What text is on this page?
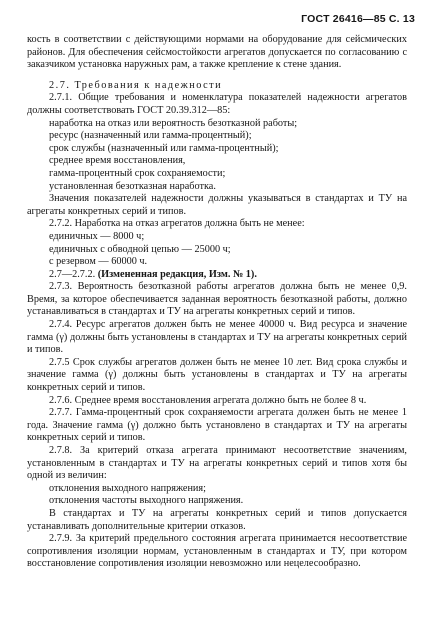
ГОСТ 26416—85 С. 13

кость в соответствии с действующими нормами на оборудование для сейсмических районов. Для обеспечения сейсмостойкости агрегатов допускается по согласованию с заказчиком установка наружных рам, а также крепление к стене здания.

2.7. Требования к надежности

2.7.1. Общие требования и номенклатура показателей надежности агрегатов должны соответствовать ГОСТ 20.39.312—85:

наработка на отказ или вероятность безотказной работы;

ресурс (назначенный или гамма-процентный);

срок службы (назначенный или гамма-процентный);

среднее время восстановления,

гамма-процентный срок сохраняемости;

установленная безотказная наработка.

Значения показателей надежности должны указываться в стандартах и ТУ на агрегаты конкретных серий и типов.

2.7.2. Наработка на отказ агрегатов должна быть не менее:

единичных — 8000 ч;

единичных с обводной цепью — 25000 ч;

с резервом — 60000 ч.

2.7—2.7.2. (Измененная редакция, Изм. № 1).

2.7.3. Вероятность безотказной работы агрегатов должна быть не менее 0,9. Время, за которое обеспечивается заданная вероятность безотказной работы, должно устанавливаться в стандартах и ТУ на агрегаты конкретных серий и типов.

2.7.4. Ресурс агрегатов должен быть не менее 40000 ч. Вид ресурса и значение гамма (γ) должны быть установлены в стандартах и ТУ на агрегаты конкретных серий и типов.

2.7.5 Срок службы агрегатов должен быть не менее 10 лет. Вид срока службы и значение гамма (γ) должны быть установлены в стандартах и ТУ на агрегаты конкретных серий и типов.

2.7.6. Среднее время восстановления агрегата должно быть не более 8 ч.

2.7.7. Гамма-процентный срок сохраняемости агрегата должен быть не менее 1 года. Значение гамма (γ) должно быть установлено в стандартах и ТУ на агрегаты конкретных серий и типов.

2.7.8. За критерий отказа агрегата принимают несоответствие значениям, установленным в стандартах и ТУ на агрегаты конкретных серий и типов хотя бы одной из величин:

отклонения выходного напряжения;

отклонения частоты выходного напряжения.

В стандартах и ТУ на агрегаты конкретных серий и типов допускается устанавливать дополнительные критерии отказов.

2.7.9. За критерий предельного состояния агрегата принимается несоответствие сопротивления изоляции нормам, установленным в стандартах и ТУ, при котором восстановление сопротивления изоляции невозможно или нецелесообразно.
